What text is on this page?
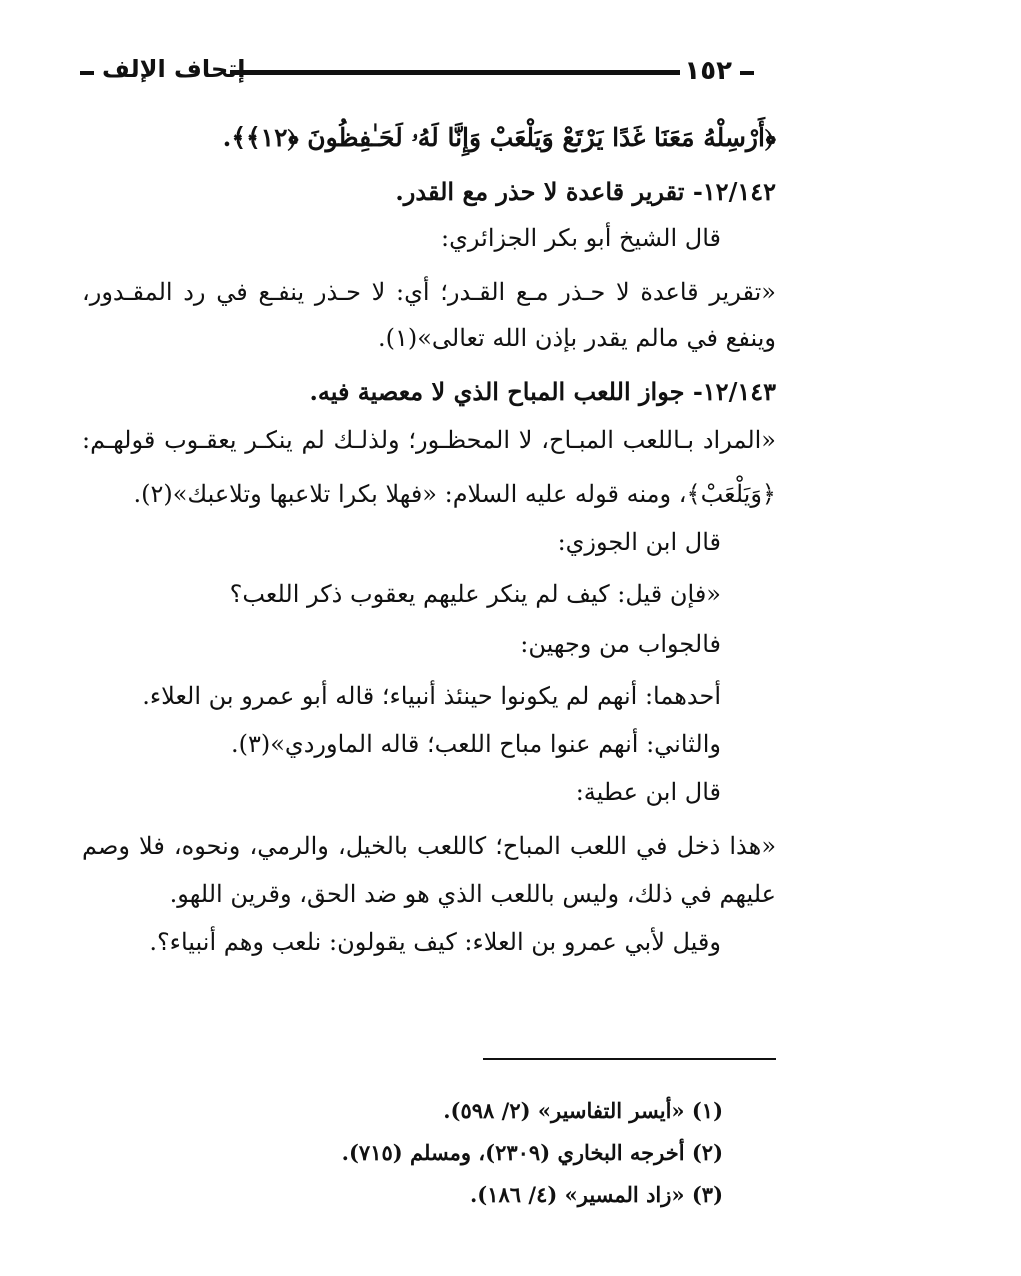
١٥٢
إتحاف الإلف
﴿أَرْسِلْهُ مَعَنَا غَدًا يَرْتَعْ وَيَلْعَبْ وَإِنَّا لَهُۥ لَحَـٰفِظُونَ ﴿١٢﴾﴾.
١٢/١٤٢- تقرير قاعدة لا حذر مع القدر.
قال الشيخ أبو بكر الجزائري:
«تقرير قاعدة لا حـذر مـع القـدر؛ أي: لا حـذر ينفـع في رد المقـدور،
وينفع في مالم يقدر بإذن الله تعالى»(١).
١٢/١٤٣- جواز اللعب المباح الذي لا معصية فيه.
«المراد بـاللعب المبـاح، لا المحظـور؛ ولذلـك لم ينكـر يعقـوب قولهـم:
﴿وَيَلْعَبْ﴾، ومنه قوله عليه السلام: «فهلا بكرا تلاعبها وتلاعبك»(٢).
قال ابن الجوزي:
«فإن قيل: كيف لم ينكر عليهم يعقوب ذكر اللعب؟
فالجواب من وجهين:
أحدهما: أنهم لم يكونوا حينئذ أنبياء؛ قاله أبو عمرو بن العلاء.
والثاني: أنهم عنوا مباح اللعب؛ قاله الماوردي»(٣).
قال ابن عطية:
«هذا ذخل في اللعب المباح؛ كاللعب بالخيل، والرمي، ونحوه، فلا وصم
عليهم في ذلك، وليس باللعب الذي هو ضد الحق، وقرين اللهو.
وقيل لأبي عمرو بن العلاء: كيف يقولون: نلعب وهم أنبياء؟.
(١) «أيسر التفاسير» (٢/ ٥٩٨).
(٢) أخرجه البخاري (٢٣٠٩)، ومسلم (٧١٥).
(٣) «زاد المسير» (٤/ ١٨٦).
